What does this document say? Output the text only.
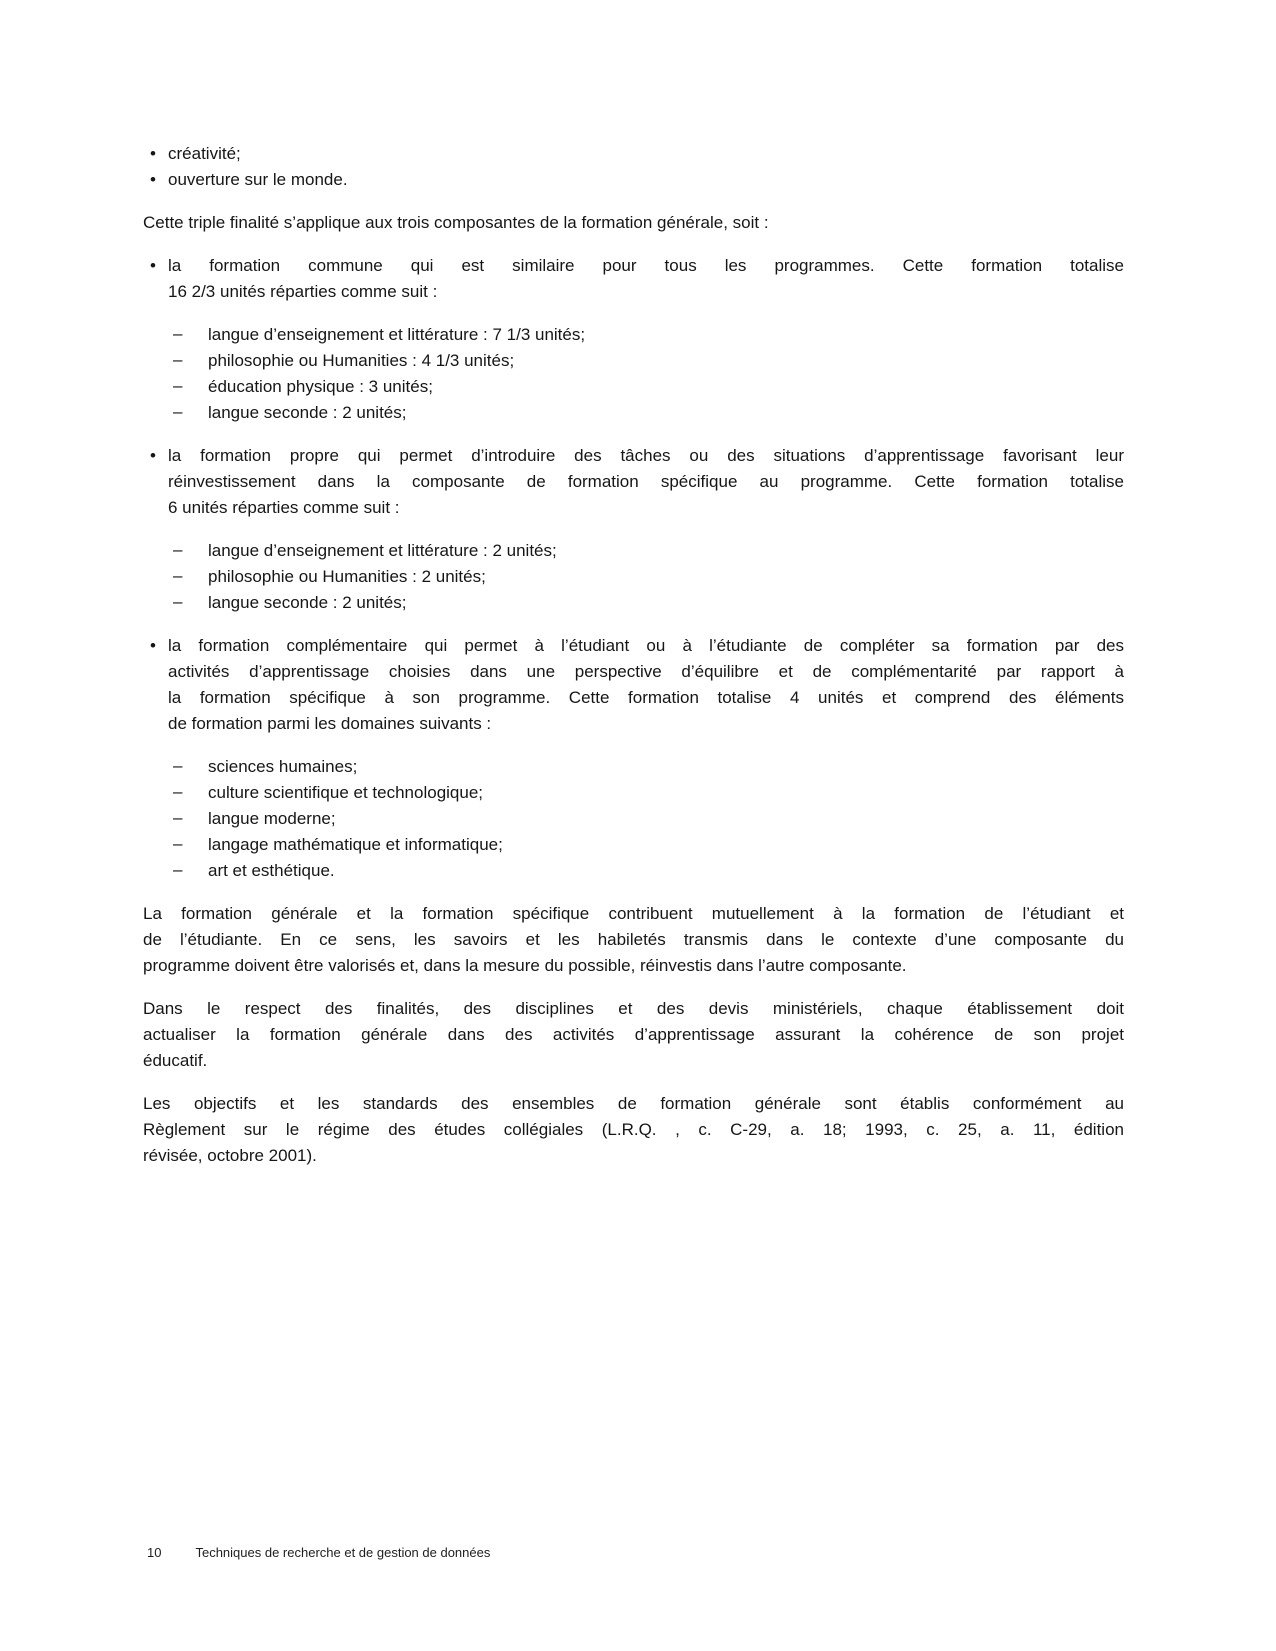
• créativité;
• ouverture sur le monde.
Cette triple finalité s’applique aux trois composantes de la formation générale, soit :
• la formation commune qui est similaire pour tous les programmes. Cette formation totalise
16 2/3 unités réparties comme suit :
– langue d’enseignement et littérature : 7 1/3 unités;
– philosophie ou Humanities : 4 1/3 unités;
– éducation physique : 3 unités;
– langue seconde : 2 unités;
• la formation propre qui permet d’introduire des tâches ou des situations d’apprentissage favorisant leur
réinvestissement dans la composante de formation spécifique au programme. Cette formation totalise
6 unités réparties comme suit :
– langue d’enseignement et littérature : 2 unités;
– philosophie ou Humanities : 2 unités;
– langue seconde : 2 unités;
• la formation complémentaire qui permet à l’étudiant ou à l’étudiante de compléter sa formation par des
activités d’apprentissage choisies dans une perspective d’équilibre et de complémentarité par rapport à
la formation spécifique à son programme. Cette formation totalise 4 unités et comprend des éléments
de formation parmi les domaines suivants :
– sciences humaines;
– culture scientifique et technologique;
– langue moderne;
– langage mathématique et informatique;
– art et esthétique.
La formation générale et la formation spécifique contribuent mutuellement à la formation de l’étudiant et
de l’étudiante. En ce sens, les savoirs et les habiletés transmis dans le contexte d’une composante du
programme doivent être valorisés et, dans la mesure du possible, réinvestis dans l’autre composante.
Dans le respect des finalités, des disciplines et des devis ministériels, chaque établissement doit
actualiser la formation générale dans des activités d’apprentissage assurant la cohérence de son projet
éducatif.
Les objectifs et les standards des ensembles de formation générale sont établis conformément au
Règlement sur le régime des études collégiales (L.R.Q. , c. C-29, a. 18; 1993, c. 25, a. 11, édition
révisée, octobre 2001).
10	Techniques de recherche et de gestion de données
